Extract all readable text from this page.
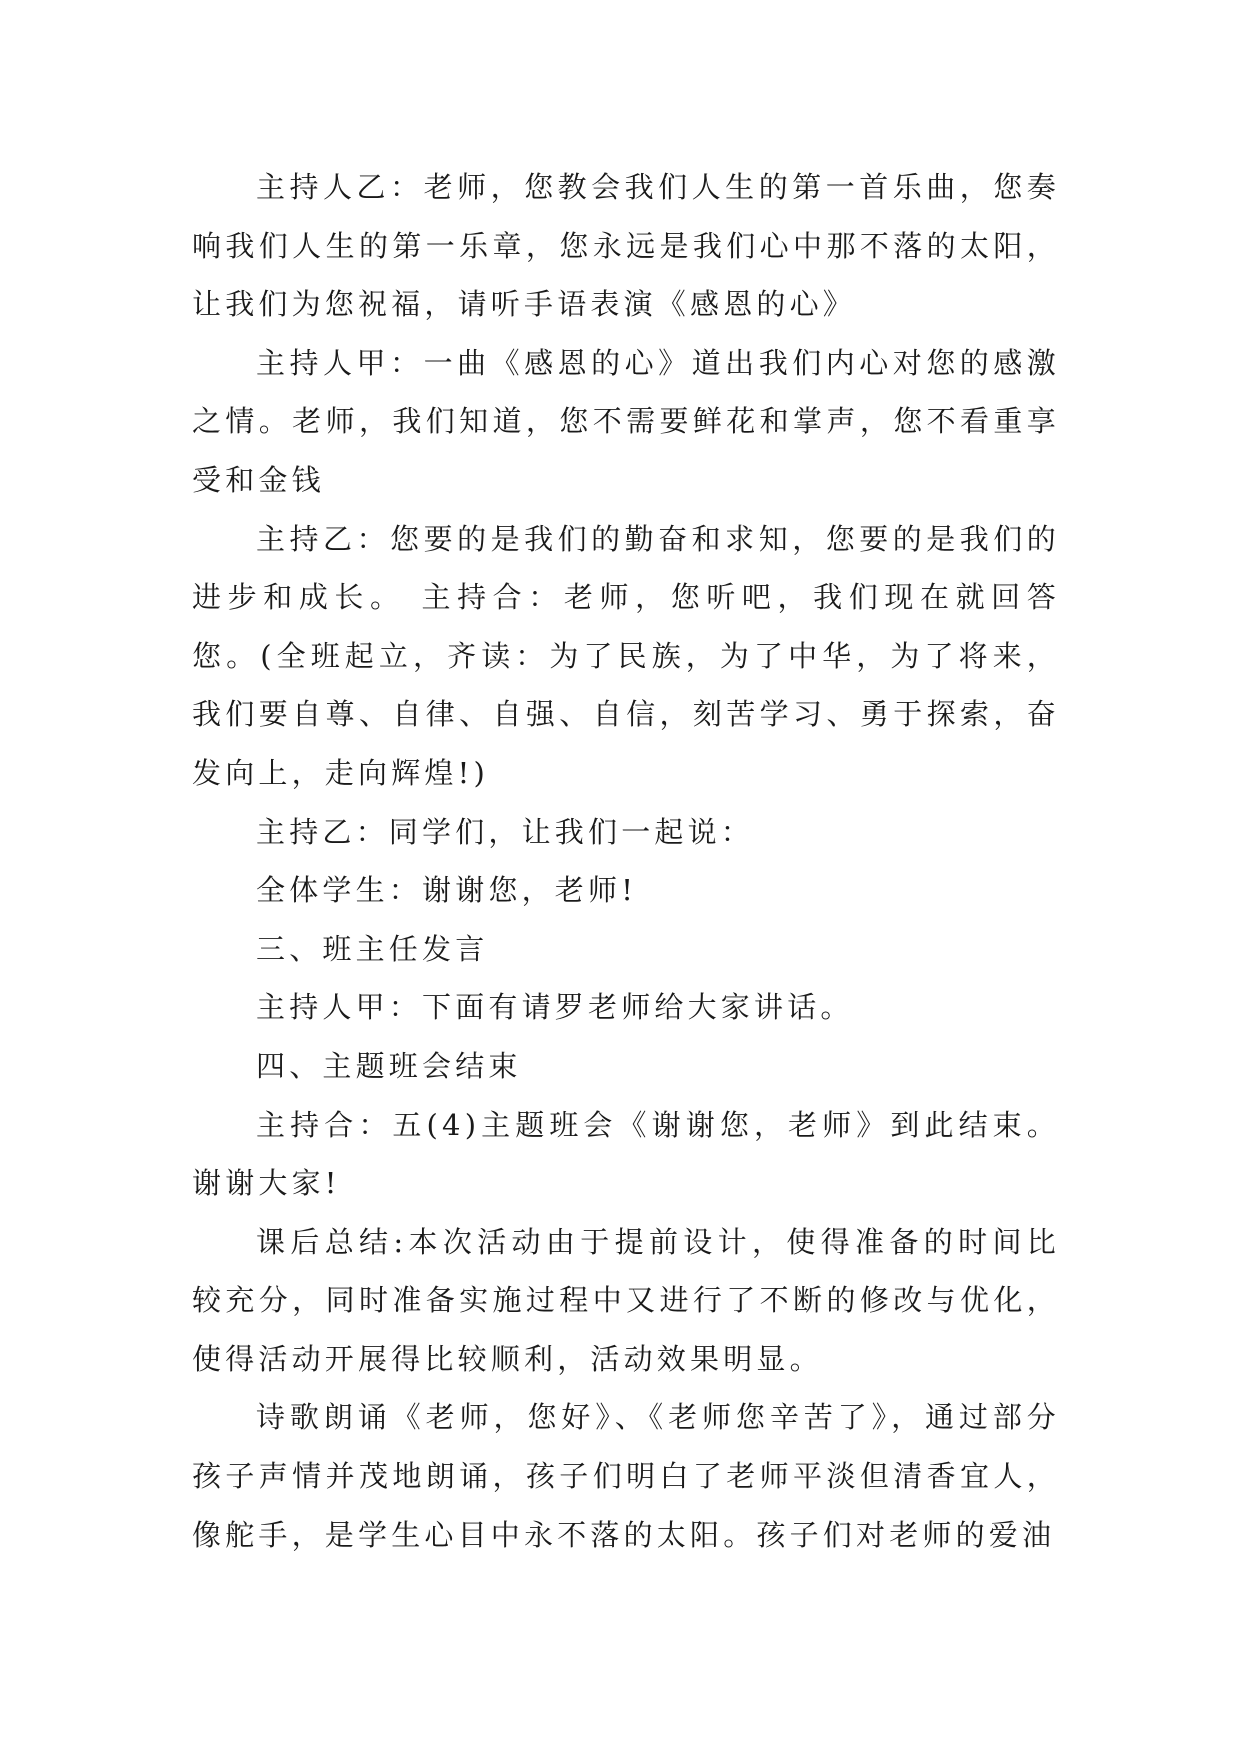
主持人乙：老师，您教会我们人生的第一首乐曲，您奏响我们人生的第一乐章，您永远是我们心中那不落的太阳，让我们为您祝福，请听手语表演《感恩的心》

主持人甲：一曲《感恩的心》道出我们内心对您的感激之情。老师，我们知道，您不需要鲜花和掌声，您不看重享受和金钱

主持乙：您要的是我们的勤奋和求知，您要的是我们的进步和成长。 主持合：老师，您听吧，我们现在就回答您。(全班起立，齐读：为了民族，为了中华，为了将来，我们要自尊、自律、自强、自信，刻苦学习、勇于探索，奋发向上，走向辉煌!)

主持乙：同学们，让我们一起说：

全体学生：谢谢您，老师!

三、班主任发言

主持人甲：下面有请罗老师给大家讲话。

四、主题班会结束

主持合：五(4)主题班会《谢谢您，老师》到此结束。谢谢大家!

课后总结:本次活动由于提前设计，使得准备的时间比较充分，同时准备实施过程中又进行了不断的修改与优化，使得活动开展得比较顺利，活动效果明显。

诗歌朗诵《老师，您好》、《老师您辛苦了》，通过部分孩子声情并茂地朗诵，孩子们明白了老师平淡但清香宜人，像舵手，是学生心目中永不落的太阳。孩子们对老师的爱油
